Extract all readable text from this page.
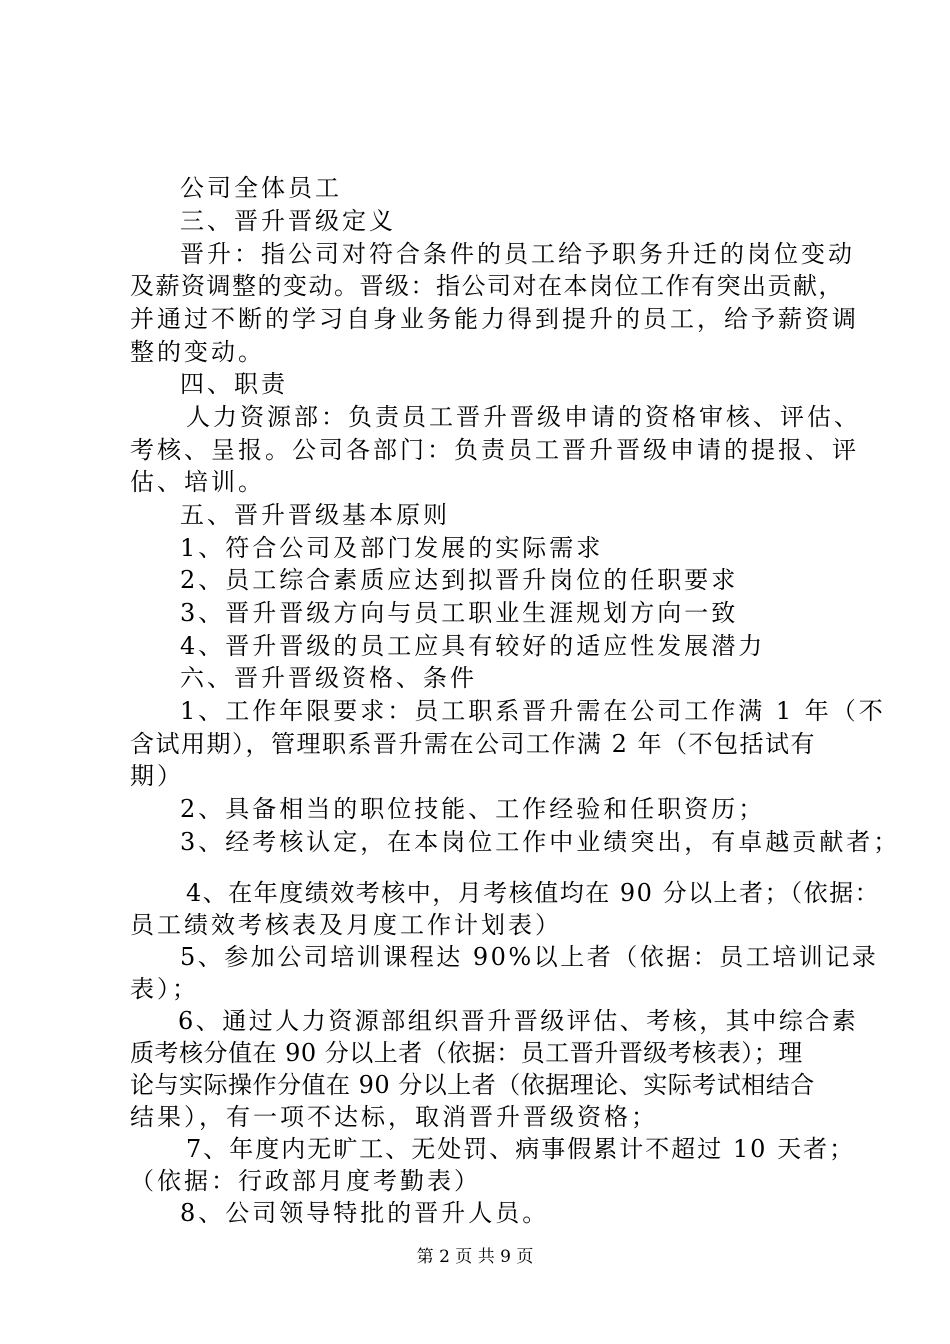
公司全体员工
三、晋升晋级定义
晋升：指公司对符合条件的员工给予职务升迁的岗位变动
及薪资调整的变动。晋级：指公司对在本岗位工作有突出贡献，
并通过不断的学习自身业务能力得到提升的员工，给予薪资调
整的变动。
四、职责
人力资源部：负责员工晋升晋级申请的资格审核、评估、
考核、呈报。公司各部门：负责员工晋升晋级申请的提报、评
估、培训。
五、晋升晋级基本原则
1、符合公司及部门发展的实际需求
2、员工综合素质应达到拟晋升岗位的任职要求
3、晋升晋级方向与员工职业生涯规划方向一致
4、晋升晋级的员工应具有较好的适应性发展潜力
六、晋升晋级资格、条件
1、工作年限要求：员工职系晋升需在公司工作满 1 年（不
含试用期），管理职系晋升需在公司工作满 2 年（不包括试有
期）
2、具备相当的职位技能、工作经验和任职资历；
3、经考核认定，在本岗位工作中业绩突出，有卓越贡献者；
4、在年度绩效考核中，月考核值均在 90 分以上者；（依据：
员工绩效考核表及月度工作计划表）
5、参加公司培训课程达 90%以上者（依据：员工培训记录
表）；
6、通过人力资源部组织晋升晋级评估、考核，其中综合素
质考核分值在 90 分以上者（依据：员工晋升晋级考核表）；理
论与实际操作分值在 90 分以上者（依据理论、实际考试相结合
结果），有一项不达标，取消晋升晋级资格；
7、年度内无旷工、无处罚、病事假累计不超过 10 天者；
（依据：行政部月度考勤表）
8、公司领导特批的晋升人员。
第 2 页 共 9 页
